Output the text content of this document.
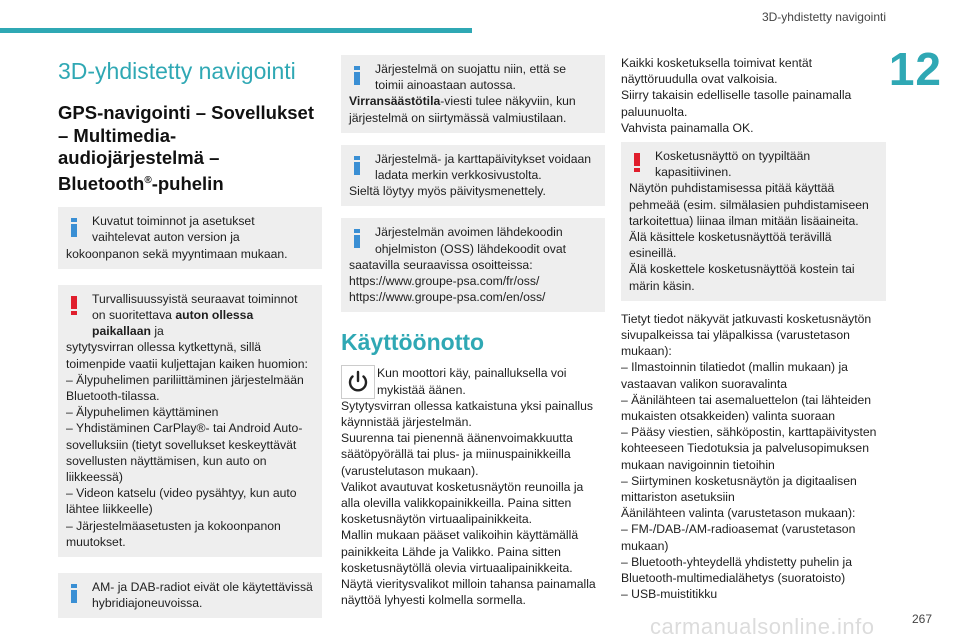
3D-yhdistetty navigointi
12
3D-yhdistetty navigointi
GPS-navigointi – Sovellukset – Multimedia-audiojärjestelmä – Bluetooth®-puhelin
Kuvatut toiminnot ja asetukset vaihtelevat auton version ja
kokoonpanon sekä myyntimaan mukaan.
Turvallisuussyistä seuraavat toiminnot on suoritettava auton ollessa paikallaan ja
sytytysvirran ollessa kytkettynä, sillä toimenpide vaatii kuljettajan kaiken huomion:
– Älypuhelimen pariliittäminen järjestelmään Bluetooth-tilassa.
– Älypuhelimen käyttäminen
– Yhdistäminen CarPlay®- tai Android Auto-sovelluksiin (tietyt sovellukset keskeyttävät sovellusten näyttämisen, kun auto on liikkeessä)
– Videon katselu (video pysähtyy, kun auto lähtee liikkeelle)
– Järjestelmäasetusten ja kokoonpanon muutokset.
AM- ja DAB-radiot eivät ole käytettävissä hybridiajoneuvoissa.
Järjestelmä on suojattu niin, että se toimii ainoastaan autossa.
Virransäästötila-viesti tulee näkyviin, kun järjestelmä on siirtymässä valmiustilaan.
Järjestelmä- ja karttapäivitykset voidaan ladata merkin verkkosivustolta.
Sieltä löytyy myös päivitysmenettely.
Järjestelmän avoimen lähdekoodin ohjelmiston (OSS) lähdekoodit ovat
saatavilla seuraavissa osoitteissa:
https://www.groupe-psa.com/fr/oss/
https://www.groupe-psa.com/en/oss/
Käyttöönotto
Kun moottori käy, painalluksella voi mykistää äänen.
Sytytysvirran ollessa katkaistuna yksi painallus käynnistää järjestelmän.
Suurenna tai pienennä äänenvoimakkuutta säätöpyörällä tai plus- ja miinuspainikkeilla (varustelutason mukaan).
Valikot avautuvat kosketusnäytön reunoilla ja alla olevilla valikkopainikkeilla. Paina sitten kosketusnäytön virtuaalipainikkeita.
Mallin mukaan pääset valikoihin käyttämällä painikkeita Lähde ja Valikko. Paina sitten kosketusnäytöllä olevia virtuaalipainikkeita.
Näytä vieritysvalikot milloin tahansa painamalla näyttöä lyhyesti kolmella sormella.
Kaikki kosketuksella toimivat kentät näyttöruudulla ovat valkoisia.
Siirry takaisin edelliselle tasolle painamalla paluunuolta.
Vahvista painamalla OK.
Kosketusnäyttö on tyypiltään kapasitiivinen.
Näytön puhdistamisessa pitää käyttää pehmeää (esim. silmälasien puhdistamiseen tarkoitettua) liinaa ilman mitään lisäaineita.
Älä käsittele kosketusnäyttöä terävillä esineillä.
Älä koskettele kosketusnäyttöä kostein tai märin käsin.
Tietyt tiedot näkyvät jatkuvasti kosketusnäytön sivupalkeissa tai yläpalkissa (varustetason mukaan):
– Ilmastoinnin tilatiedot (mallin mukaan) ja vastaavan valikon suoravalinta
– Äänilähteen tai asemaluettelon (tai lähteiden mukaisten otsakkeiden) valinta suoraan
– Pääsy viestien, sähköpostin, karttapäivitysten kohteeseen Tiedotuksia ja palvelusopimuksen mukaan navigoinnin tietoihin
– Siirtyminen kosketusnäytön ja digitaalisen mittariston asetuksiin
Äänilähteen valinta (varustetason mukaan):
– FM-/DAB-/AM-radioasemat (varustetason mukaan)
– Bluetooth-yhteydellä yhdistetty puhelin ja Bluetooth-multimedialähetys (suoratoisto)
– USB-muistitikku
carmanualsonline.info	267
